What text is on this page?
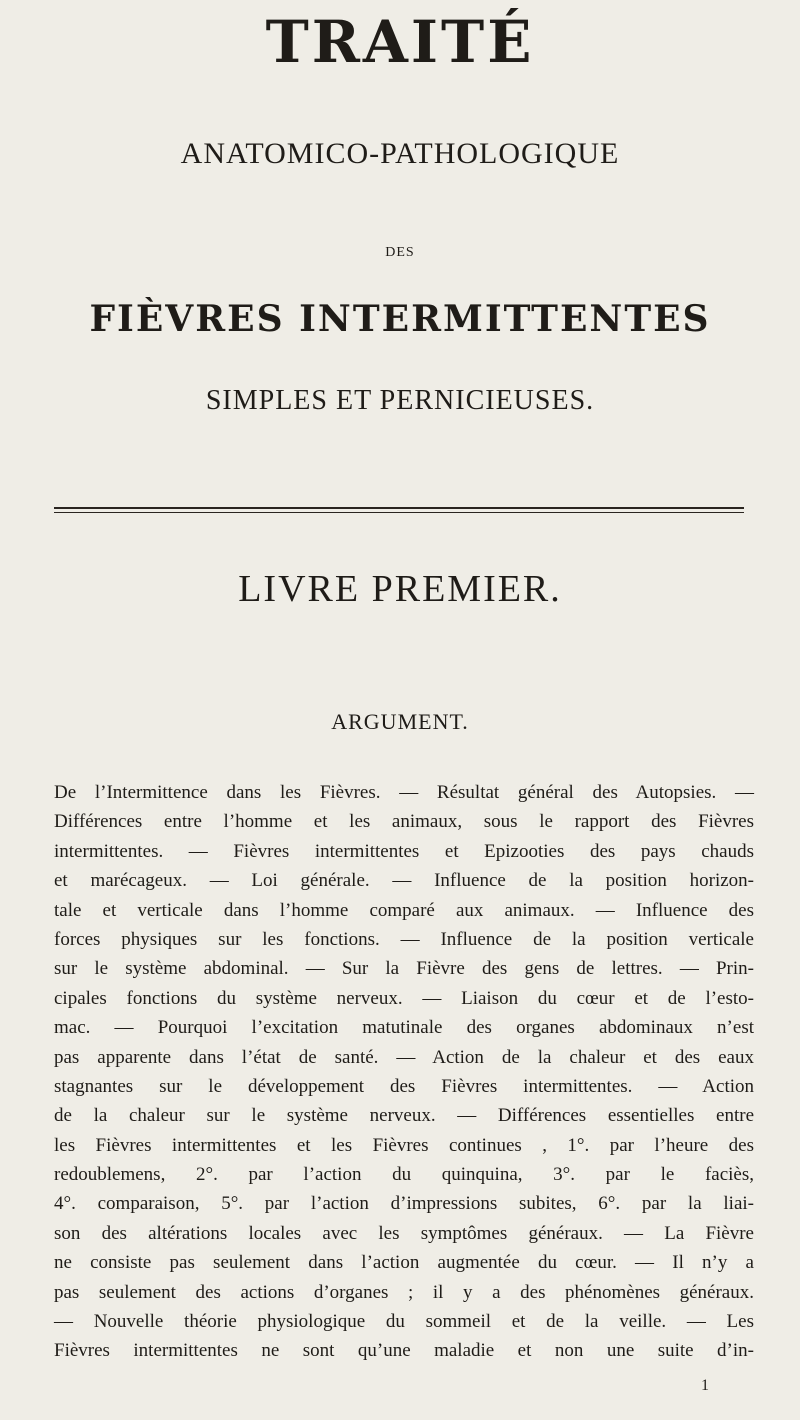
TRAITÉ
ANATOMICO-PATHOLOGIQUE
DES
FIÈVRES INTERMITTENTES
SIMPLES ET PERNICIEUSES.
LIVRE PREMIER.
ARGUMENT.
De l’Intermittence dans les Fièvres. — Résultat général des Autopsies. —
Différences entre l’homme et les animaux, sous le rapport des Fièvres
intermittentes. — Fièvres intermittentes et Epizooties des pays chauds
et marécageux. — Loi générale. — Influence de la position horizon-
tale et verticale dans l’homme comparé aux animaux. — Influence des
forces physiques sur les fonctions. — Influence de la position verticale
sur le système abdominal. — Sur la Fièvre des gens de lettres. — Prin-
cipales fonctions du système nerveux. — Liaison du cœur et de l’esto-
mac. — Pourquoi l’excitation matutinale des organes abdominaux n’est
pas apparente dans l’état de santé. — Action de la chaleur et des eaux
stagnantes sur le développement des Fièvres intermittentes. — Action
de la chaleur sur le système nerveux. — Différences essentielles entre
les Fièvres intermittentes et les Fièvres continues , 1°. par l’heure des
redoublemens, 2°. par l’action du quinquina, 3°. par le faciès,
4°. comparaison, 5°. par l’action d’impressions subites, 6°. par la liai-
son des altérations locales avec les symptômes généraux. — La Fièvre
ne consiste pas seulement dans l’action augmentée du cœur. — Il n’y a
pas seulement des actions d’organes ; il y a des phénomènes généraux.
— Nouvelle théorie physiologique du sommeil et de la veille. — Les
Fièvres intermittentes ne sont qu’une maladie et non une suite d’in-
1
